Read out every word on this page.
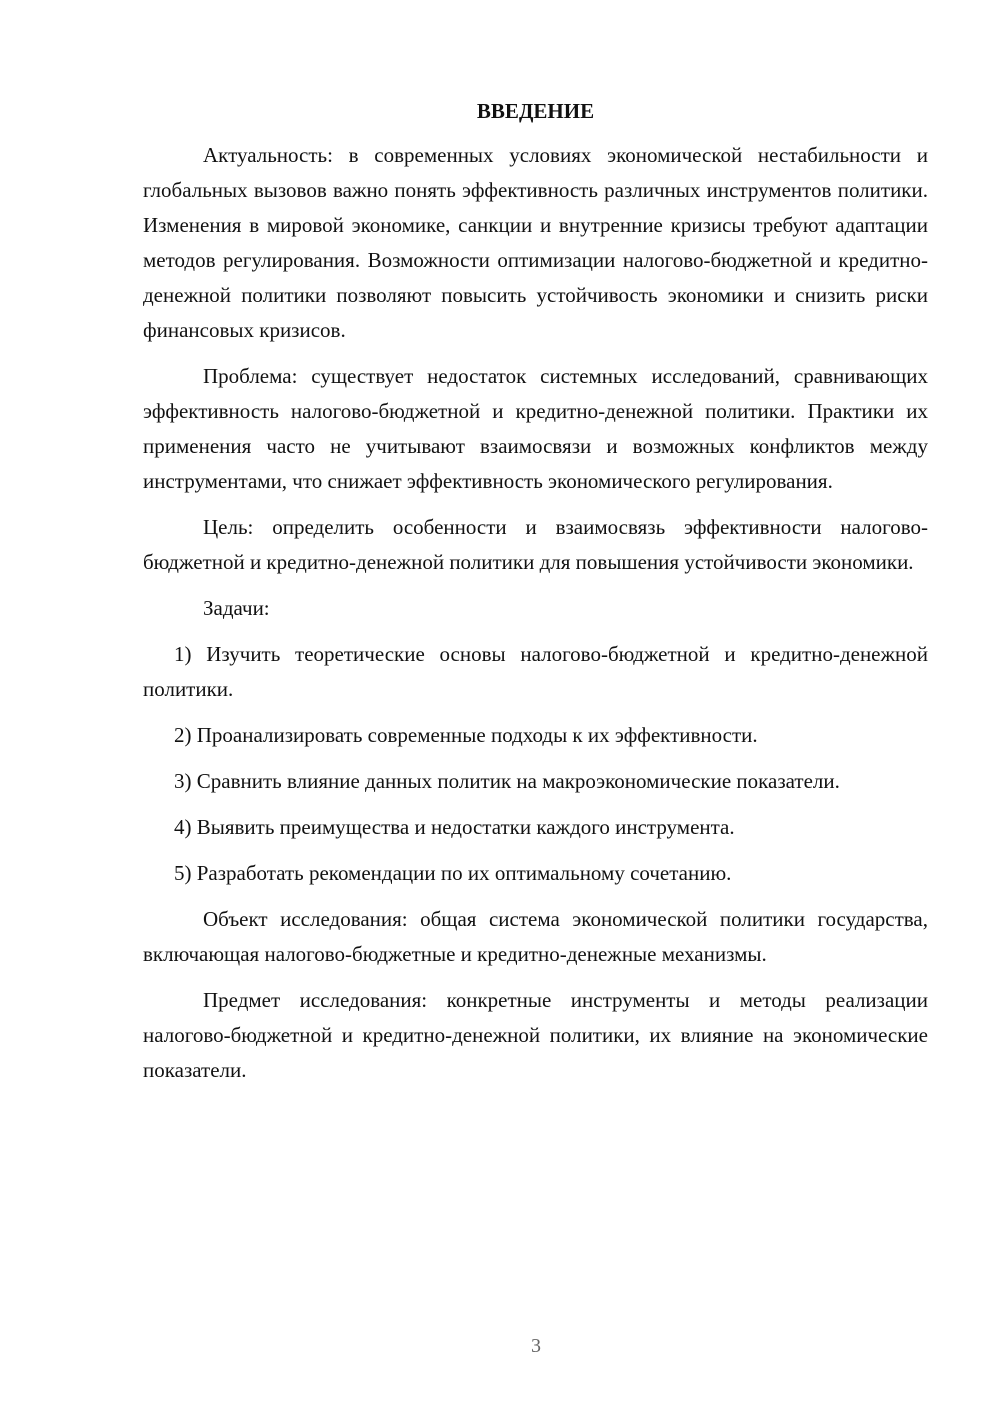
ВВЕДЕНИЕ

Актуальность: в современных условиях экономической нестабильности и глобальных вызовов важно понять эффективность различных инструментов политики. Изменения в мировой экономике, санкции и внутренние кризисы требуют адаптации методов регулирования. Возможности оптимизации налогово-бюджетной и кредитно-денежной политики позволяют повысить устойчивость экономики и снизить риски финансовых кризисов.

Проблема: существует недостаток системных исследований, сравнивающих эффективность налогово-бюджетной и кредитно-денежной политики. Практики их применения часто не учитывают взаимосвязи и возможных конфликтов между инструментами, что снижает эффективность экономического регулирования.

Цель: определить особенности и взаимосвязь эффективности налогово-бюджетной и кредитно-денежной политики для повышения устойчивости экономики.

Задачи:

1) Изучить теоретические основы налогово-бюджетной и кредитно-денежной политики.

2) Проанализировать современные подходы к их эффективности.

3) Сравнить влияние данных политик на макроэкономические показатели.

4) Выявить преимущества и недостатки каждого инструмента.

5) Разработать рекомендации по их оптимальному сочетанию.

Объект исследования: общая система экономической политики государства, включающая налогово-бюджетные и кредитно-денежные механизмы.

Предмет исследования: конкретные инструменты и методы реализации налогово-бюджетной и кредитно-денежной политики, их влияние на экономические показатели.

3
